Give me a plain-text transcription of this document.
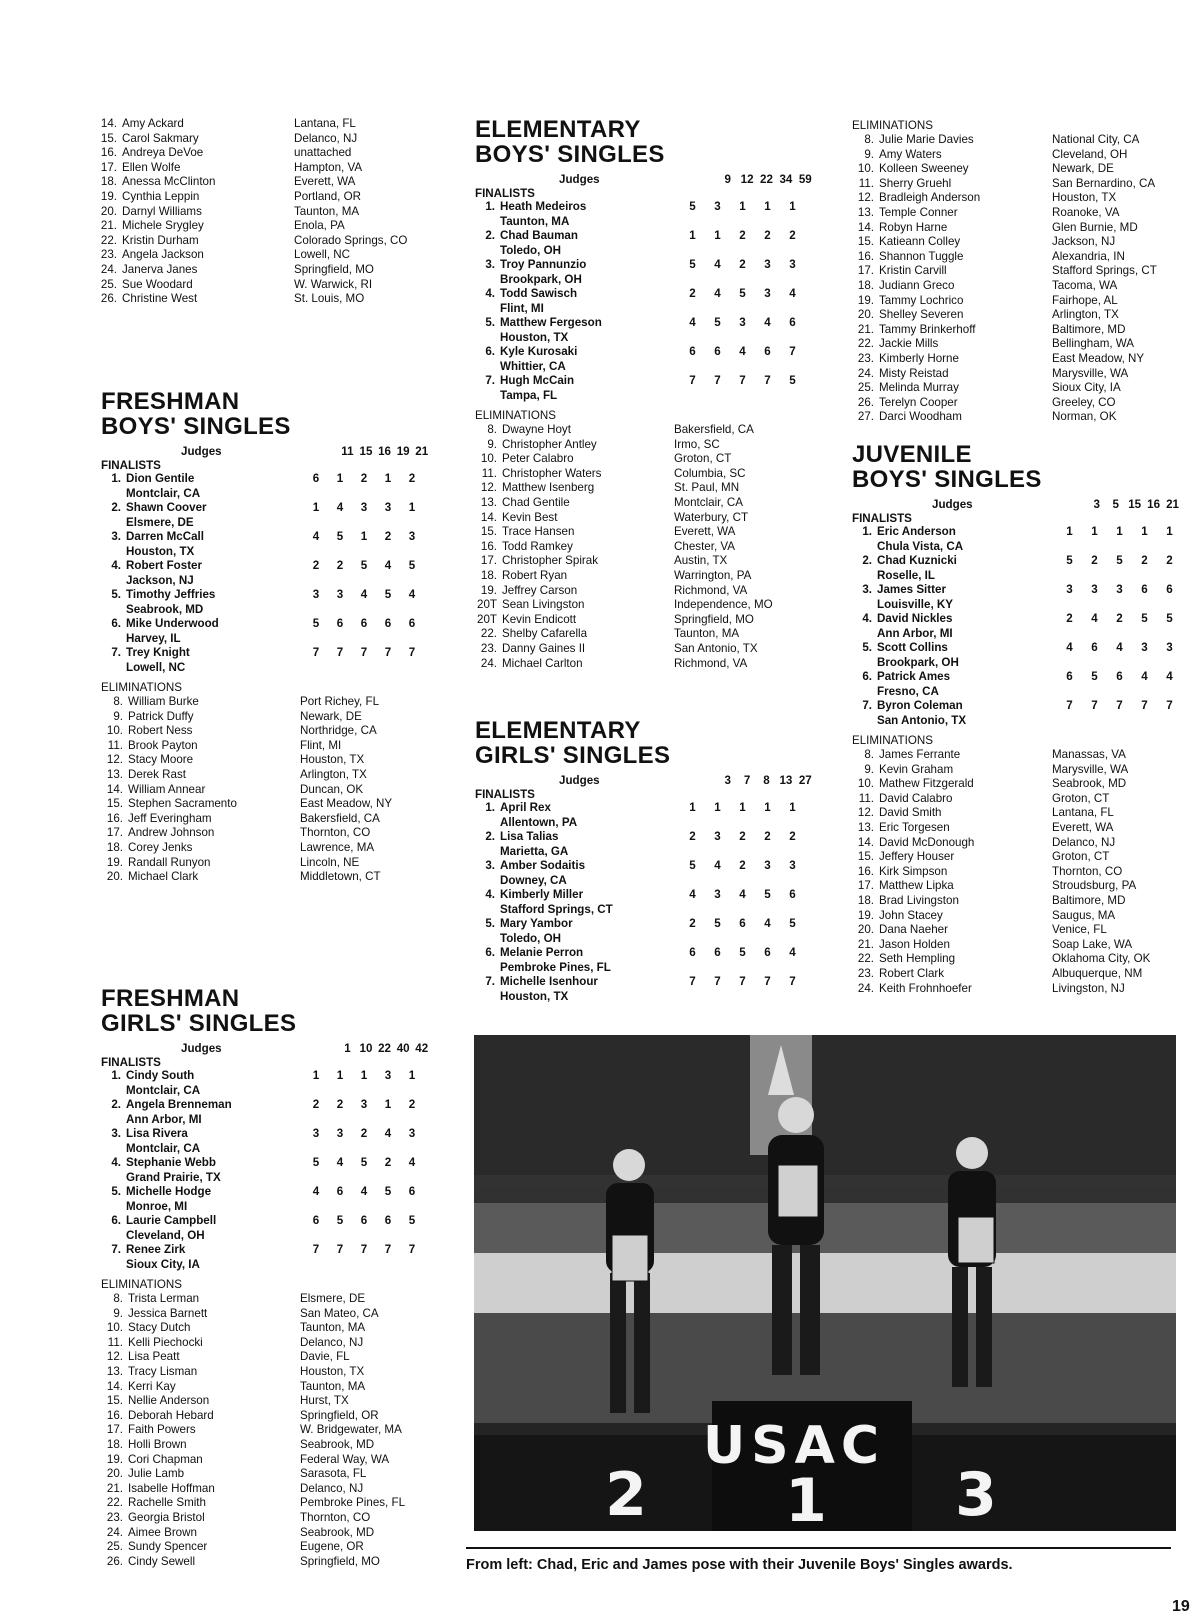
14. Amy Ackard	Lantana, FL
15. Carol Sakmary	Delanco, NJ
16. Andreya DeVoe	unattached
17. Ellen Wolfe	Hampton, VA
18. Anessa McClinton	Everett, WA
19. Cynthia Leppin	Portland, OR
20. Darnyl Williams	Taunton, MA
21. Michele Srygley	Enola, PA
22. Kristin Durham	Colorado Springs, CO
23. Angela Jackson	Lowell, NC
24. Janerva Janes	Springfield, MO
25. Sue Woodard	W. Warwick, RI
26. Christine West	St. Louis, MO
FRESHMAN
BOYS' SINGLES
Judges	11 15 16 19 21
FINALISTS
1. Dion Gentile
Montclair, CA
6	1	2	1	2
2. Shawn Coover
Elsmere, DE
1	4	3	3	1
3. Darren McCall
Houston, TX
4	5	1	2	3
4. Robert Foster
Jackson, NJ
2	2	5	4	5
5. Timothy Jeffries
Seabrook, MD
3	3	4	5	4
6. Mike Underwood
Harvey, IL
5	6	6	6	6
7. Trey Knight
Lowell, NC
7	7	7	7	7
ELIMINATIONS
8. William Burke	Port Richey, FL
9. Patrick Duffy	Newark, DE
10. Robert Ness	Northridge, CA
11. Brook Payton	Flint, MI
12. Stacy Moore	Houston, TX
13. Derek Rast	Arlington, TX
14. William Annear	Duncan, OK
15. Stephen Sacramento	East Meadow, NY
16. Jeff Everingham	Bakersfield, CA
17. Andrew Johnson	Thornton, CO
18. Corey Jenks	Lawrence, MA
19. Randall Runyon	Lincoln, NE
20. Michael Clark	Middletown, CT
FRESHMAN
GIRLS' SINGLES
Judges	1 10 22 40 42
FINALISTS
1. Cindy South
Montclair, CA
1	1	1	3	1
2. Angela Brenneman
Ann Arbor, MI
2	2	3	1	2
3. Lisa Rivera
Montclair, CA
3	3	2	4	3
4. Stephanie Webb
Grand Prairie, TX
5	4	5	2	4
5. Michelle Hodge
Monroe, MI
4	6	4	5	6
6. Laurie Campbell
Cleveland, OH
6	5	6	6	5
7. Renee Zirk
Sioux City, IA
7	7	7	7	7
ELIMINATIONS
8. Trista Lerman	Elsmere, DE
9. Jessica Barnett	San Mateo, CA
10. Stacy Dutch	Taunton, MA
11. Kelli Piechocki	Delanco, NJ
12. Lisa Peatt	Davie, FL
13. Tracy Lisman	Houston, TX
14. Kerri Kay	Taunton, MA
15. Nellie Anderson	Hurst, TX
16. Deborah Hebard	Springfield, OR
17. Faith Powers	W. Bridgewater, MA
18. Holli Brown	Seabrook, MD
19. Cori Chapman	Federal Way, WA
20. Julie Lamb	Sarasota, FL
21. Isabelle Hoffman	Delanco, NJ
22. Rachelle Smith	Pembroke Pines, FL
23. Georgia Bristol	Thornton, CO
24. Aimee Brown	Seabrook, MD
25. Sundy Spencer	Eugene, OR
26. Cindy Sewell	Springfield, MO
ELEMENTARY
BOYS' SINGLES
Judges	9 12 22 34 59
FINALISTS
1. Heath Medeiros
Taunton, MA
5	3	1	1	1
2. Chad Bauman
Toledo, OH
1	1	2	2	2
3. Troy Pannunzio
Brookpark, OH
5	4	2	3	3
4. Todd Sawisch
Flint, MI
2	4	5	3	4
5. Matthew Fergeson
Houston, TX
4	5	3	4	6
6. Kyle Kurosaki
Whittier, CA
6	6	4	6	7
7. Hugh McCain
Tampa, FL
7	7	7	7	5
ELIMINATIONS
8. Dwayne Hoyt	Bakersfield, CA
9. Christopher Antley	Irmo, SC
10. Peter Calabro	Groton, CT
11. Christopher Waters	Columbia, SC
12. Matthew Isenberg	St. Paul, MN
13. Chad Gentile	Montclair, CA
14. Kevin Best	Waterbury, CT
15. Trace Hansen	Everett, WA
16. Todd Ramkey	Chester, VA
17. Christopher Spirak	Austin, TX
18. Robert Ryan	Warrington, PA
19. Jeffrey Carson	Richmond, VA
20T Sean Livingston	Independence, MO
20T Kevin Endicott	Springfield, MO
22. Shelby Cafarella	Taunton, MA
23. Danny Gaines II	San Antonio, TX
24. Michael Carlton	Richmond, VA
ELEMENTARY
GIRLS' SINGLES
Judges	3	7	8 13 27
FINALISTS
1. April Rex
Allentown, PA
1	1	1	1	1
2. Lisa Talias
Marietta, GA
2	3	2	2	2
3. Amber Sodaitis
Downey, CA
5	4	2	3	3
4. Kimberly Miller
Stafford Springs, CT
4	3	4	5	6
5. Mary Yambor
Toledo, OH
2	5	6	4	5
6. Melanie Perron
Pembroke Pines, FL
6	6	5	6	4
7. Michelle Isenhour
Houston, TX
7	7	7	7	7
ELIMINATIONS
8. Julie Marie Davies	National City, CA
9. Amy Waters	Cleveland, OH
10. Kolleen Sweeney	Newark, DE
11. Sherry Gruehl	San Bernardino, CA
12. Bradleigh Anderson	Houston, TX
13. Temple Conner	Roanoke, VA
14. Robyn Harne	Glen Burnie, MD
15. Katieann Colley	Jackson, NJ
16. Shannon Tuggle	Alexandria, IN
17. Kristin Carvill	Stafford Springs, CT
18. Judiann Greco	Tacoma, WA
19. Tammy Lochrico	Fairhope, AL
20. Shelley Severen	Arlington, TX
21. Tammy Brinkerhoff	Baltimore, MD
22. Jackie Mills	Bellingham, WA
23. Kimberly Horne	East Meadow, NY
24. Misty Reistad	Marysville, WA
25. Melinda Murray	Sioux City, IA
26. Terelyn Cooper	Greeley, CO
27. Darci Woodham	Norman, OK
JUVENILE
BOYS' SINGLES
Judges	3	5 15 16 21
FINALISTS
1. Eric Anderson
Chula Vista, CA
1	1	1	1	1
2. Chad Kuznicki
Roselle, IL
5	2	5	2	2
3. James Sitter
Louisville, KY
3	3	3	6	6
4. David Nickles
Ann Arbor, MI
2	4	2	5	5
5. Scott Collins
Brookpark, OH
4	6	4	3	3
6. Patrick Ames
Fresno, CA
6	5	6	4	4
7. Byron Coleman
San Antonio, TX
7	7	7	7	7
ELIMINATIONS
8. James Ferrante	Manassas, VA
9. Kevin Graham	Marysville, WA
10. Mathew Fitzgerald	Seabrook, MD
11. David Calabro	Groton, CT
12. David Smith	Lantana, FL
13. Eric Torgesen	Everett, WA
14. David McDonough	Delanco, NJ
15. Jeffery Houser	Groton, CT
16. Kirk Simpson	Thornton, CO
17. Matthew Lipka	Stroudsburg, PA
18. Brad Livingston	Baltimore, MD
19. John Stacey	Saugus, MA
20. Dana Naeher	Venice, FL
21. Jason Holden	Soap Lake, WA
22. Seth Hempling	Oklahoma City, OK
23. Robert Clark	Albuquerque, NM
24. Keith Frohnhoefer	Livingston, NJ
USAC
2 1 3
From left: Chad, Eric and James pose with their Juvenile Boys' Singles awards.
19
